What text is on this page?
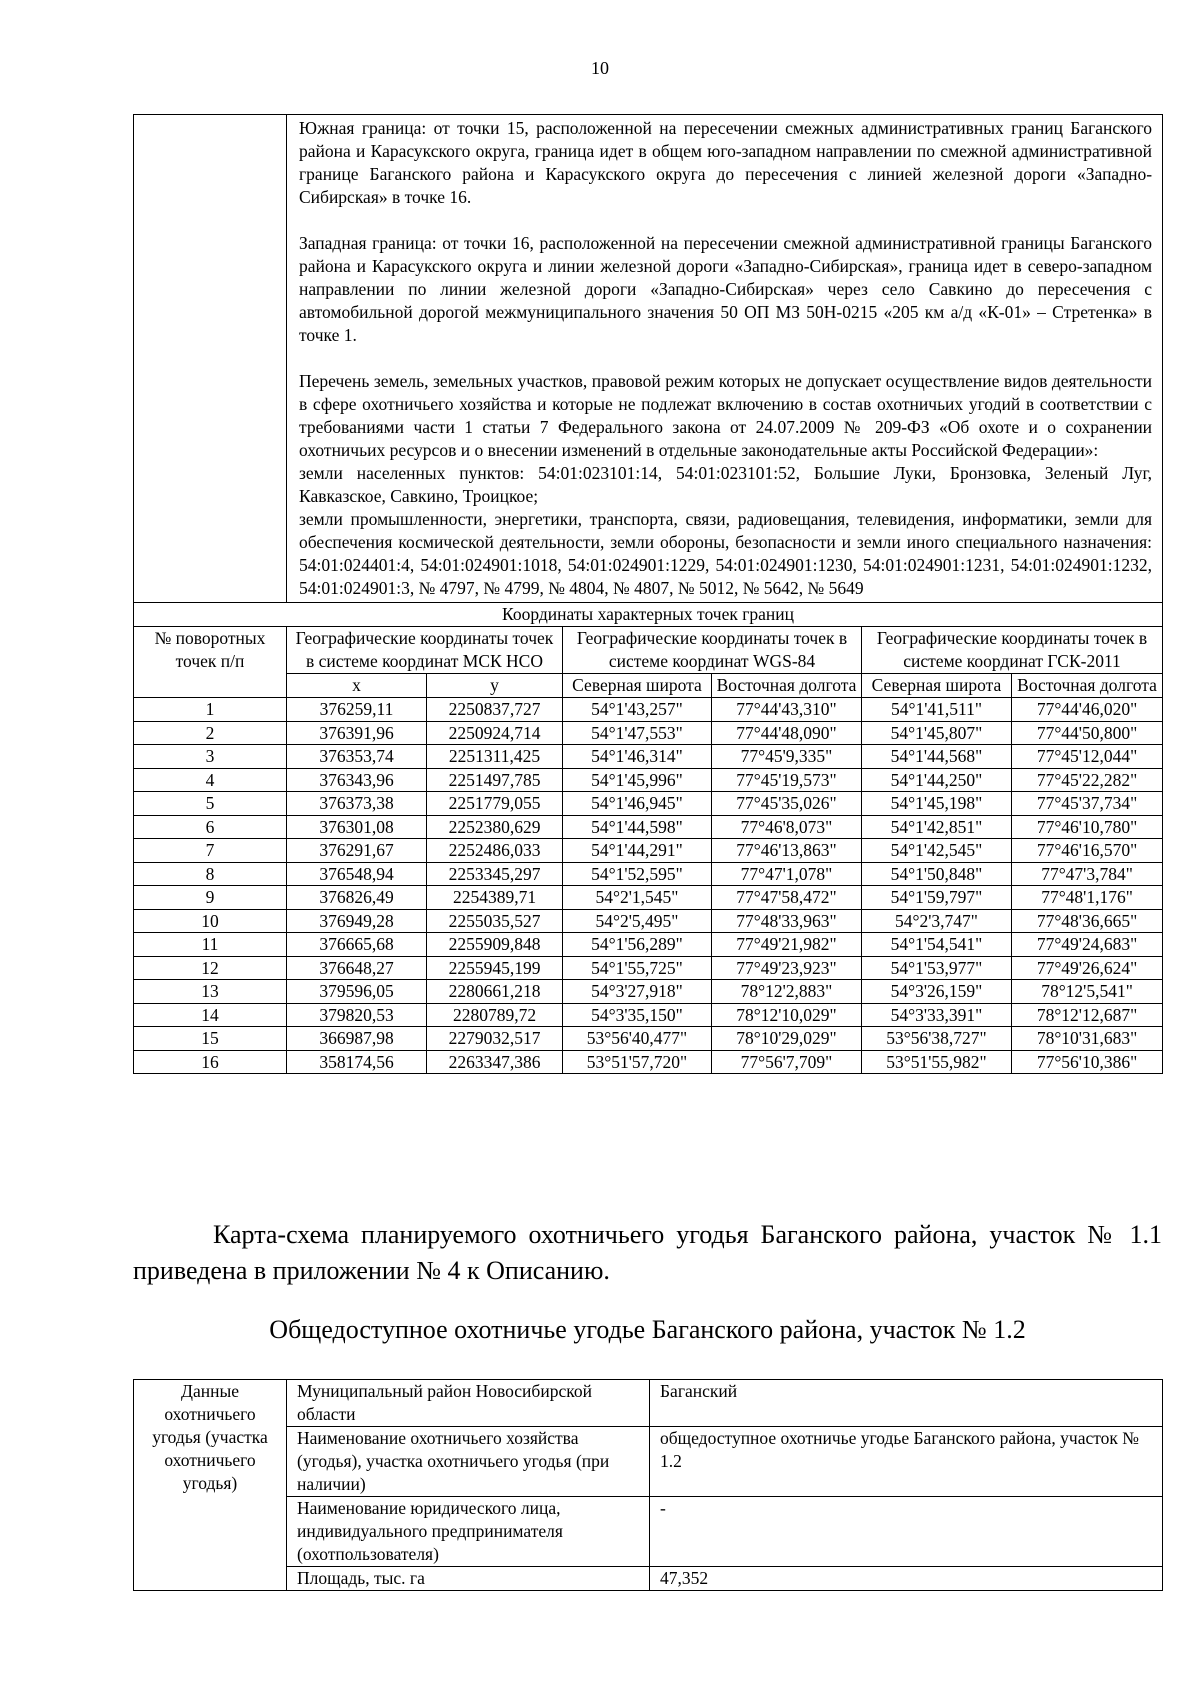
10

	Южная граница: от точки 15, расположенной на пересечении смежных административных границ Баганского района и Карасукского округа, граница идет в общем юго-западном направлении по смежной административной границе Баганского района и Карасукского округа до пересечения с линией железной дороги «Западно-Сибирская» в точке 16.

Западная граница: от точки 16, расположенной на пересечении смежной административной границы Баганского района и Карасукского округа и линии железной дороги «Западно-Сибирская», граница идет в северо-западном направлении по линии железной дороги «Западно-Сибирская» через село Савкино до пересечения с автомобильной дорогой межмуниципального значения 50 ОП МЗ 50Н-0215 «205 км а/д «К-01» – Стретенка» в точке 1.

Перечень земель, земельных участков, правовой режим которых не допускает осуществление видов деятельности в сфере охотничьего хозяйства и которые не подлежат включению в состав охотничьих угодий в соответствии с требованиями части 1 статьи 7 Федерального закона от 24.07.2009 № 209-ФЗ «Об охоте и о сохранении охотничьих ресурсов и о внесении изменений в отдельные законодательные акты Российской Федерации»:
земли населенных пунктов: 54:01:023101:14, 54:01:023101:52, Большие Луки, Бронзовка, Зеленый Луг, Кавказское, Савкино, Троицкое;
земли промышленности, энергетики, транспорта, связи, радиовещания, телевидения, информатики, земли для обеспечения космической деятельности, земли обороны, безопасности и земли иного специального назначения: 54:01:024401:4, 54:01:024901:1018, 54:01:024901:1229, 54:01:024901:1230, 54:01:024901:1231, 54:01:024901:1232, 54:01:024901:3, № 4797, № 4799, № 4804, № 4807, № 5012, № 5642, № 5649					

Координаты характерных точек границ						
№ поворотных точек п/п	Географические координаты точек в системе координат МСК НСО		Географические координаты точек в системе координат WGS-84		Географические координаты точек в системе координат ГСК-2011	
	x	y	Северная широта	Восточная долгота	Северная широта	Восточная долгота
1	376259,11	2250837,727	54°1'43,257"	77°44'43,310"	54°1'41,511"	77°44'46,020"
2	376391,96	2250924,714	54°1'47,553"	77°44'48,090"	54°1'45,807"	77°44'50,800"
3	376353,74	2251311,425	54°1'46,314"	77°45'9,335"	54°1'44,568"	77°45'12,044"
4	376343,96	2251497,785	54°1'45,996"	77°45'19,573"	54°1'44,250"	77°45'22,282"
5	376373,38	2251779,055	54°1'46,945"	77°45'35,026"	54°1'45,198"	77°45'37,734"
6	376301,08	2252380,629	54°1'44,598"	77°46'8,073"	54°1'42,851"	77°46'10,780"
7	376291,67	2252486,033	54°1'44,291"	77°46'13,863"	54°1'42,545"	77°46'16,570"
8	376548,94	2253345,297	54°1'52,595"	77°47'1,078"	54°1'50,848"	77°47'3,784"
9	376826,49	2254389,71	54°2'1,545"	77°47'58,472"	54°1'59,797"	77°48'1,176"
10	376949,28	2255035,527	54°2'5,495"	77°48'33,963"	54°2'3,747"	77°48'36,665"
11	376665,68	2255909,848	54°1'56,289"	77°49'21,982"	54°1'54,541"	77°49'24,683"
12	376648,27	2255945,199	54°1'55,725"	77°49'23,923"	54°1'53,977"	77°49'26,624"
13	379596,05	2280661,218	54°3'27,918"	78°12'2,883"	54°3'26,159"	78°12'5,541"
14	379820,53	2280789,72	54°3'35,150"	78°12'10,029"	54°3'33,391"	78°12'12,687"
15	366987,98	2279032,517	53°56'40,477"	78°10'29,029"	53°56'38,727"	78°10'31,683"
16	358174,56	2263347,386	53°51'57,720"	77°56'7,709"	53°51'55,982"	77°56'10,386"
Карта-схема планируемого охотничьего угодья Баганского района, участок № 1.1 приведена в приложении № 4 к Описанию.
Общедоступное охотничье угодье Баганского района, участок № 1.2
Данные охотничьего угодья (участка охотничьего угодья)	Муниципальный район Новосибирской области	Баганский
	Наименование охотничьего хозяйства (угодья), участка охотничьего угодья (при наличии)	общедоступное охотничье угодье Баганского района, участок № 1.2
	Наименование юридического лица, индивидуального предпринимателя (охотпользователя)	-
	Площадь, тыс. га	47,352
